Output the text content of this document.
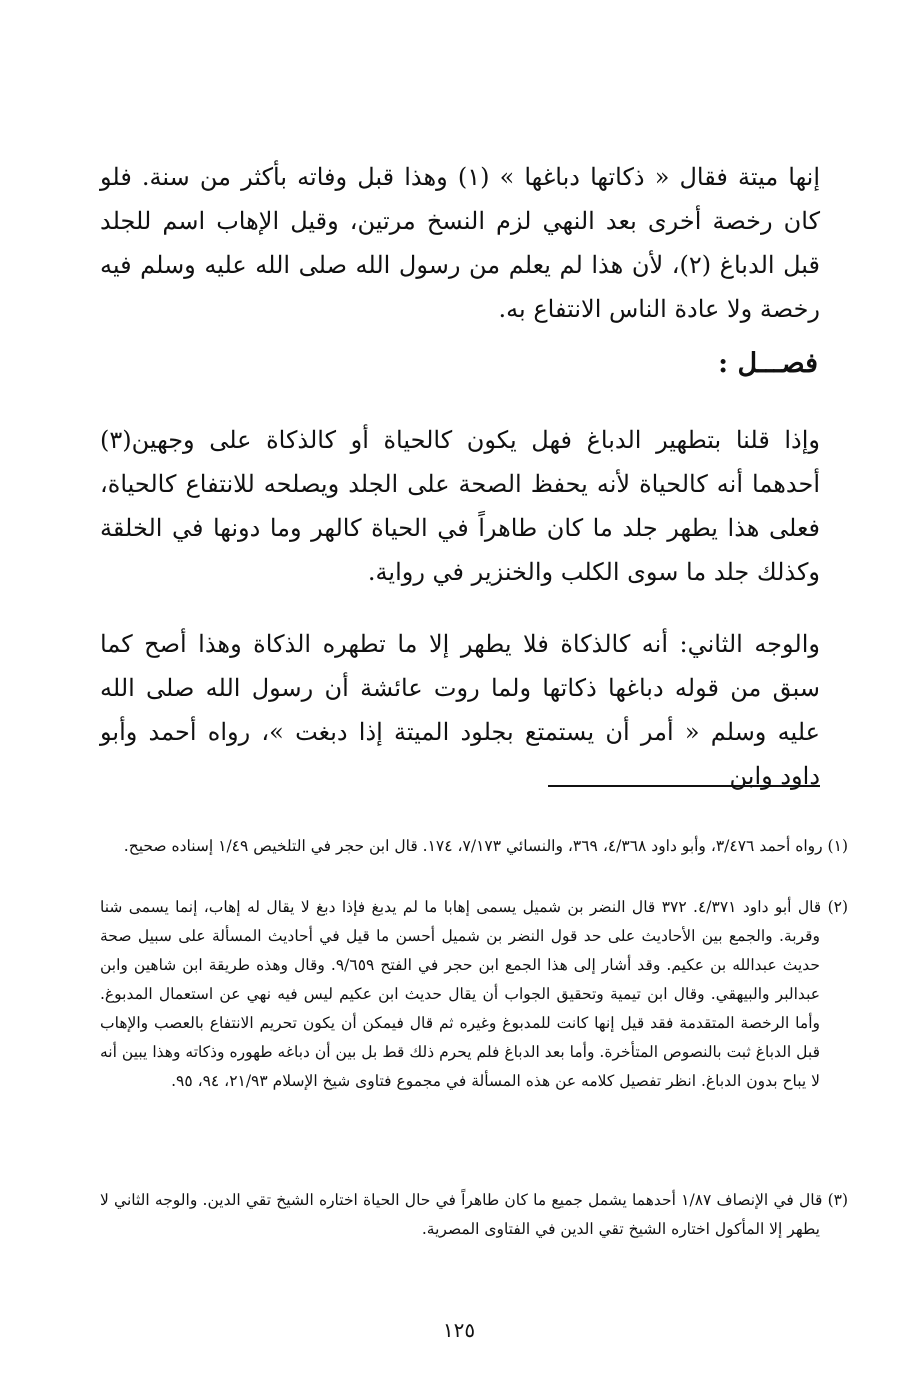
إنها ميتة فقال « ذكاتها دباغها » (١) وهذا قبل وفاته بأكثر من سنة. فلو كان رخصة أخرى بعد النهي لزم النسخ مرتين، وقيل الإهاب اسم للجلد قبل الدباغ (٢)، لأن هذا لم يعلم من رسول الله صلى الله عليه وسلم فيه رخصة ولا عادة الناس الانتفاع به.

فصـــل :

وإذا قلنا بتطهير الدباغ فهل يكون كالحياة أو كالذكاة على وجهين(٣) أحدهما أنه كالحياة لأنه يحفظ الصحة على الجلد ويصلحه للانتفاع كالحياة، فعلى هذا يطهر جلد ما كان طاهراً في الحياة كالهر وما دونها في الخلقة وكذلك جلد ما سوى الكلب والخنزير في رواية.

والوجه الثاني: أنه كالذكاة فلا يطهر إلا ما تطهره الذكاة وهذا أصح كما سبق من قوله دباغها ذكاتها ولما روت عائشة أن رسول الله صلى الله عليه وسلم « أمر أن يستمتع بجلود الميتة إذا دبغت »، رواه أحمد وأبو داود وابن

(١) رواه أحمد ٣/٤٧٦، وأبو داود ٤/٣٦٨، ٣٦٩، والنسائي ٧/١٧٣، ١٧٤. قال ابن حجر في التلخيص ١/٤٩ إسناده صحيح.

(٢) قال أبو داود ٤/٣٧١. ٣٧٢ قال النضر بن شميل يسمى إهابا ما لم يدبغ فإذا دبغ لا يقال له إهاب، إنما يسمى شنا وقربة. والجمع بين الأحاديث على حد قول النضر بن شميل أحسن ما قيل في أحاديث المسألة على سبيل صحة حديث عبدالله بن عكيم. وقد أشار إلى هذا الجمع ابن حجر في الفتح ٩/٦٥٩. وقال وهذه طريقة ابن شاهين وابن عبدالبر والبيهقي. وقال ابن تيمية وتحقيق الجواب أن يقال حديث ابن عكيم ليس فيه نهي عن استعمال المدبوغ. وأما الرخصة المتقدمة فقد قيل إنها كانت للمدبوغ وغيره ثم قال فيمكن أن يكون تحريم الانتفاع بالعصب والإهاب قبل الدباغ ثبت بالنصوص المتأخرة. وأما بعد الدباغ فلم يحرم ذلك قط بل بين أن دباغه طهوره وذكاته وهذا يبين أنه لا يباح بدون الدباغ. انظر تفصيل كلامه عن هذه المسألة في مجموع فتاوى شيخ الإسلام ٢١/٩٣، ٩٤، ٩٥.

(٣) قال في الإنصاف ١/٨٧ أحدهما يشمل جميع ما كان طاهراً في حال الحياة اختاره الشيخ تقي الدين. والوجه الثاني لا يطهر إلا المأكول اختاره الشيخ تقي الدين في الفتاوى المصرية.

١٢٥
